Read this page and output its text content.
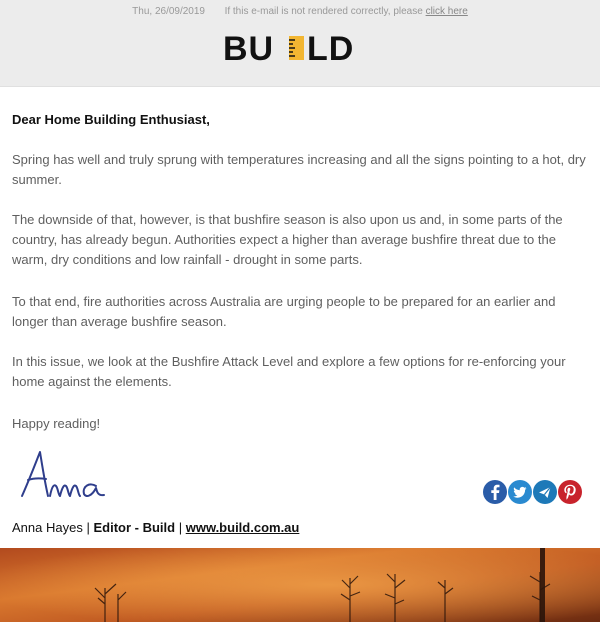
Thu, 26/09/2019 If this e-mail is not rendered correctly, please click here
BU LD
Dear Home Building Enthusiast,
Spring has well and truly sprung with temperatures increasing and all the signs pointing to a hot, dry summer.
The downside of that, however, is that bushfire season is also upon us and, in some parts of the country, has already begun. Authorities expect a higher than average bushfire threat due to the warm, dry conditions and low rainfall - drought in some parts.
To that end, fire authorities across Australia are urging people to be prepared for an earlier and longer than average bushfire season.
In this issue, we look at the Bushfire Attack Level and explore a few options for re-enforcing your home against the elements.
Happy reading!
Anna Hayes | Editor - Build | www.build.com.au
